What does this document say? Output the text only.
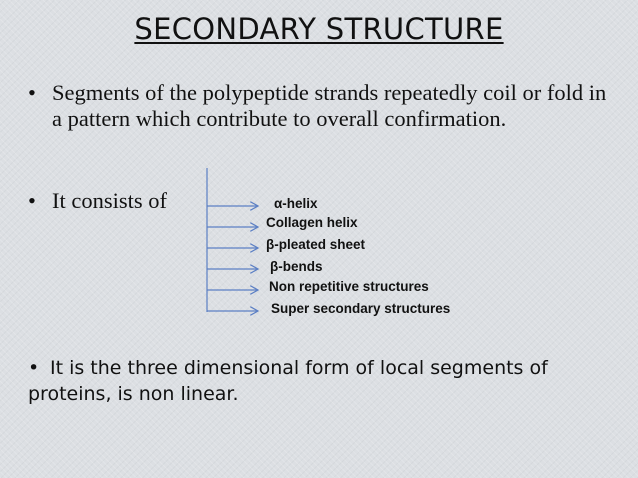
SECONDARY STRUCTURE
• Segments of the polypeptide strands repeatedly coil or fold in a pattern which contribute to overall confirmation.
• It consists of	α-helix
Collagen helix
β-pleated sheet
β-bends
Non repetitive structures
Super secondary structures
• It is the three dimensional form of local segments of proteins, is non linear.
